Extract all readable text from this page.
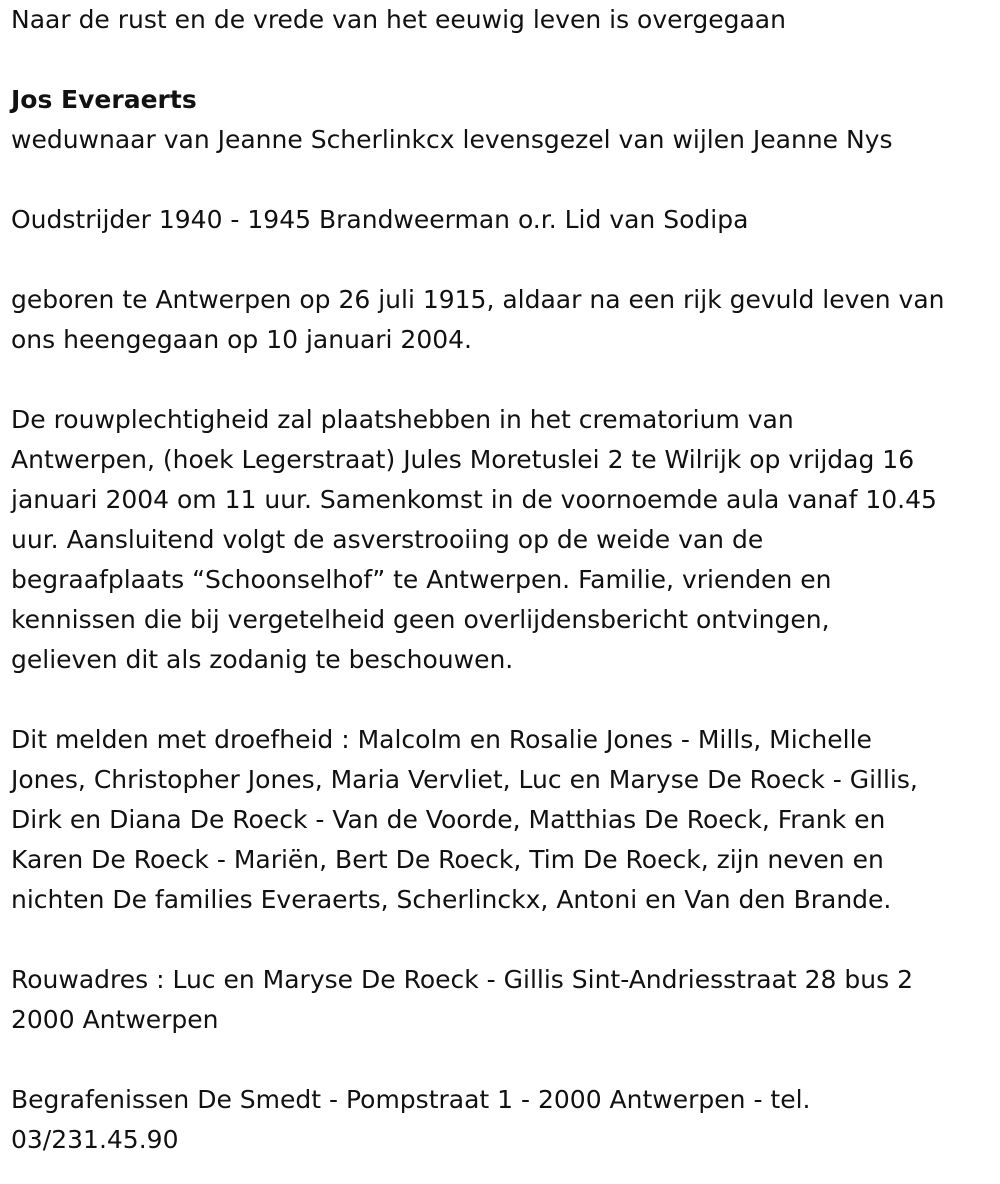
Naar de rust en de vrede van het eeuwig leven is overgegaan
Jos Everaerts
weduwnaar van Jeanne Scherlinkcx levensgezel van wijlen Jeanne Nys
Oudstrijder 1940 - 1945 Brandweerman o.r. Lid van Sodipa
geboren te Antwerpen op 26 juli 1915, aldaar na een rijk gevuld leven van
ons heengegaan op 10 januari 2004.
De rouwplechtigheid zal plaatshebben in het crematorium van
Antwerpen, (hoek Legerstraat) Jules Moretuslei 2 te Wilrijk op vrijdag 16
januari 2004 om 11 uur. Samenkomst in de voornoemde aula vanaf 10.45
uur. Aansluitend volgt de asverstrooiing op de weide van de
begraafplaats “Schoonselhof” te Antwerpen. Familie, vrienden en
kennissen die bij vergetelheid geen overlijdensbericht ontvingen,
gelieven dit als zodanig te beschouwen.
Dit melden met droefheid : Malcolm en Rosalie Jones - Mills, Michelle
Jones, Christopher Jones, Maria Vervliet, Luc en Maryse De Roeck - Gillis,
Dirk en Diana De Roeck - Van de Voorde, Matthias De Roeck, Frank en
Karen De Roeck - Mariën, Bert De Roeck, Tim De Roeck, zijn neven en
nichten De families Everaerts, Scherlinckx, Antoni en Van den Brande.
Rouwadres : Luc en Maryse De Roeck - Gillis Sint-Andriesstraat 28 bus 2
2000 Antwerpen
Begrafenissen De Smedt - Pompstraat 1 - 2000 Antwerpen - tel.
03/231.45.90
